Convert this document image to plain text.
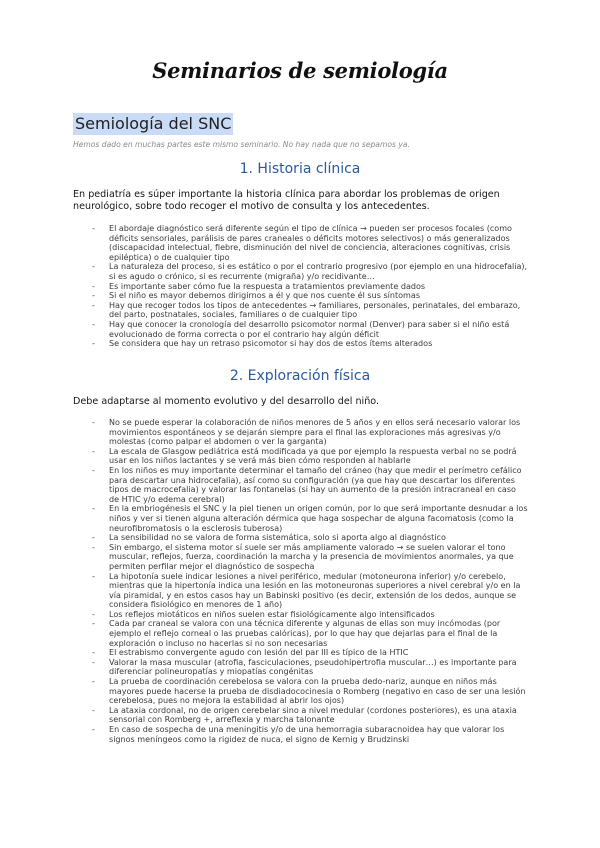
Seminarios de semiología
Semiología del SNC
Hemos dado en muchas partes este mismo seminario. No hay nada que no sepamos ya.
1. Historia clínica
En pediatría es súper importante la historia clínica para abordar los problemas de origen neurológico, sobre todo recoger el motivo de consulta y los antecedentes.
- El abordaje diagnóstico será diferente según el tipo de clínica → pueden ser procesos focales (como déficits sensoriales, parálisis de pares craneales o déficits motores selectivos) o más generalizados (discapacidad intelectual, fiebre, disminución del nivel de conciencia, alteraciones cognitivas, crisis epiléptica) o de cualquier tipo
- La naturaleza del proceso, si es estático o por el contrario progresivo (por ejemplo en una hidrocefalia), si es agudo o crónico, si es recurrente (migraña) y/o recidivante…
- Es importante saber cómo fue la respuesta a tratamientos previamente dados
- Si el niño es mayor debemos dirigirnos a él y que nos cuente él sus síntomas
- Hay que recoger todos los tipos de antecedentes → familiares, personales, perinatales, del embarazo, del parto, postnatales, sociales, familiares o de cualquier tipo
- Hay que conocer la cronología del desarrollo psicomotor normal (Denver) para saber si el niño está evolucionado de forma correcta o por el contrario hay algún déficit
- Se considera que hay un retraso psicomotor si hay dos de estos ítems alterados
2. Exploración física
Debe adaptarse al momento evolutivo y del desarrollo del niño.
- No se puede esperar la colaboración de niños menores de 5 años y en ellos será necesario valorar los movimientos espontáneos y se dejarán siempre para el final las exploraciones más agresivas y/o molestas (como palpar el abdomen o ver la garganta)
- La escala de Glasgow pediátrica está modificada ya que por ejemplo la respuesta verbal no se podrá usar en los niños lactantes y se verá más bien cómo responden al hablarle
- En los niños es muy importante determinar el tamaño del cráneo (hay que medir el perímetro cefálico para descartar una hidrocefalia), así como su configuración (ya que hay que descartar los diferentes tipos de macrocefalia) y valorar las fontanelas (si hay un aumento de la presión intracraneal en caso de HTIC y/o edema cerebral)
- En la embriogénesis el SNC y la piel tienen un origen común, por lo que será importante desnudar a los niños y ver si tienen alguna alteración dérmica que haga sospechar de alguna facomatosis (como la neurofibromatosis o la esclerosis tuberosa)
- La sensibilidad no se valora de forma sistemática, solo si aporta algo al diagnóstico
- Sin embargo, el sistema motor sí suele ser más ampliamente valorado → se suelen valorar el tono muscular, reflejos, fuerza, coordinación la marcha y la presencia de movimientos anormales, ya que permiten perfilar mejor el diagnóstico de sospecha
- La hipotonía suele indicar lesiones a nivel periférico, medular (motoneurona inferior) y/o cerebelo, mientras que la hipertonía indica una lesión en las motoneuronas superiores a nivel cerebral y/o en la vía piramidal, y en estos casos hay un Babinski positivo (es decir, extensión de los dedos, aunque se considera fisiológico en menores de 1 año)
- Los reflejos miotáticos en niños suelen estar fisiológicamente algo intensificados
- Cada par craneal se valora con una técnica diferente y algunas de ellas son muy incómodas (por ejemplo el reflejo corneal o las pruebas calóricas), por lo que hay que dejarlas para el final de la exploración o incluso no hacerlas si no son necesarias
- El estrabismo convergente agudo con lesión del par III es típico de la HTIC
- Valorar la masa muscular (atrofia, fasciculaciones, pseudohipertrofia muscular…) es importante para diferenciar polineuropatías y miopatías congénitas
- La prueba de coordinación cerebelosa se valora con la prueba dedo-nariz, aunque en niños más mayores puede hacerse la prueba de disdiadococinesia o Romberg (negativo en caso de ser una lesión cerebelosa, pues no mejora la estabilidad al abrir los ojos)
- La ataxia cordonal, no de origen cerebelar sino a nivel medular (cordones posteriores), es una ataxia sensorial con Romberg +, arreflexia y marcha talonante
- En caso de sospecha de una meningitis y/o de una hemorragia subaracnoidea hay que valorar los signos meníngeos como la rigidez de nuca, el signo de Kernig y Brudzinski
